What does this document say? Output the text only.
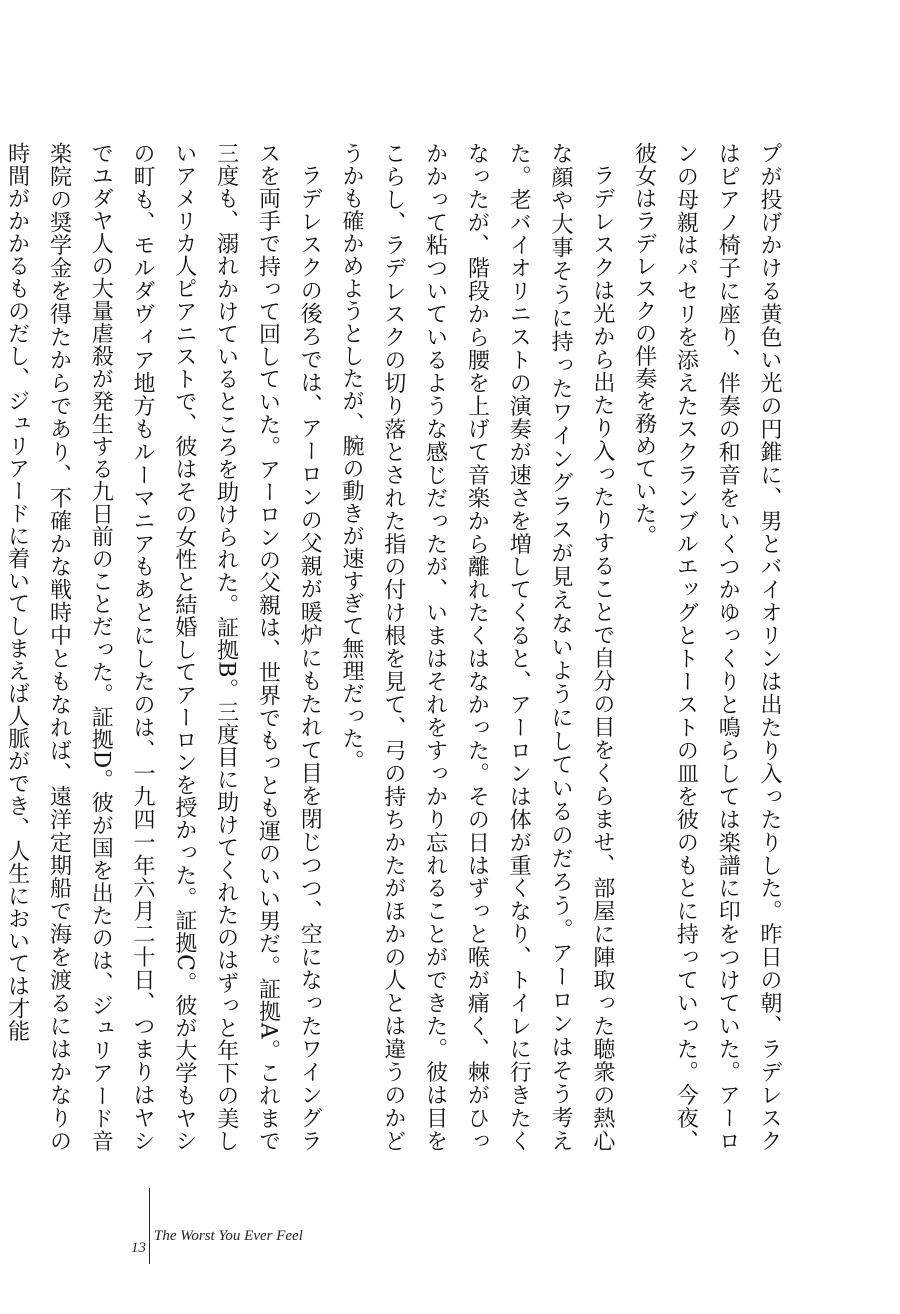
プが投げかける黄色い光の円錐に、男とバイオリンは出たり入ったりした。昨日の朝、ラデレスクはピアノ椅子に座り、伴奏の和音をいくつかゆっくりと鳴らしては楽譜に印をつけていた。アーロンの母親はパセリを添えたスクランブルエッグとトーストの皿を彼のもとに持っていった。今夜、彼女はラデレスクの伴奏を務めていた。

ラデレスクは光から出たり入ったりすることで自分の目をくらませ、部屋に陣取った聴衆の熱心な顔や大事そうに持ったワイングラスが見えないようにしているのだろう。アーロンはそう考えた。老バイオリニストの演奏が速さを増してくると、アーロンは体が重くなり、トイレに行きたくなったが、階段から腰を上げて音楽から離れたくはなかった。その日はずっと喉が痛く、棘がひっかかって粘ついているような感じだったが、いまはそれをすっかり忘れることができた。彼は目をこらし、ラデレスクの切り落とされた指の付け根を見て、弓の持ちかたがほかの人とは違うのかどうかも確かめようとしたが、腕の動きが速すぎて無理だった。

ラデレスクの後ろでは、アーロンの父親が暖炉にもたれて目を閉じつつ、空になったワイングラスを両手で持って回していた。アーロンの父親は、世界でもっとも運のいい男だ。証拠A。これまで三度も、溺れかけているところを助けられた。証拠B。三度目に助けてくれたのはずっと年下の美しいアメリカ人ピアニストで、彼はその女性と結婚してアーロンを授かった。証拠C。彼が大学もヤシの町も、モルダヴィア地方もルーマニアもあとにしたのは、一九四一年六月二十日、つまりはヤシでユダヤ人の大量虐殺が発生する九日前のことだった。証拠D。彼が国を出たのは、ジュリアード音楽院の奨学金を得たからであり、不確かな戦時中ともなれば、遠洋定期船で海を渡るにはかなりの時間がかかるものだし、ジュリアードに着いてしまえば人脈ができ、人生においては才能

13
The Worst You Ever Feel
